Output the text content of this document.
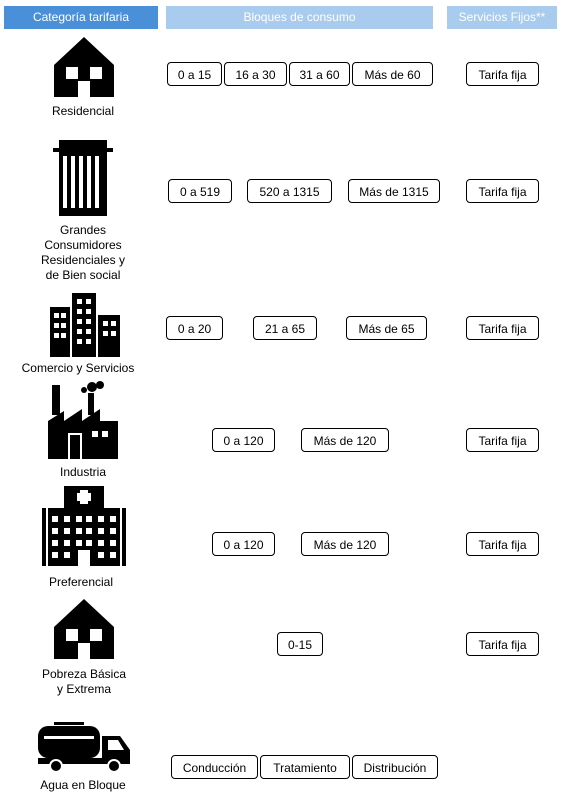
Categoría tarifaria	Bloques de consumo	Servicios Fijos**
Residencial
0 a 15	16 a 30	31 a 60	Más de 60	Tarifa fija
Grandes
Consumidores
Residenciales y
de Bien social
0 a 519	520 a 1315	Más de 1315	Tarifa fija
Comercio y Servicios
0 a 20	21 a 65	Más de 65	Tarifa fija
Industria
0 a 120	Más de 120	Tarifa fija
Preferencial
0 a 120	Más de 120	Tarifa fija
Pobreza Básica
y Extrema
0-15	Tarifa fija
Agua en Bloque
Conducción	Tratamiento	Distribución
